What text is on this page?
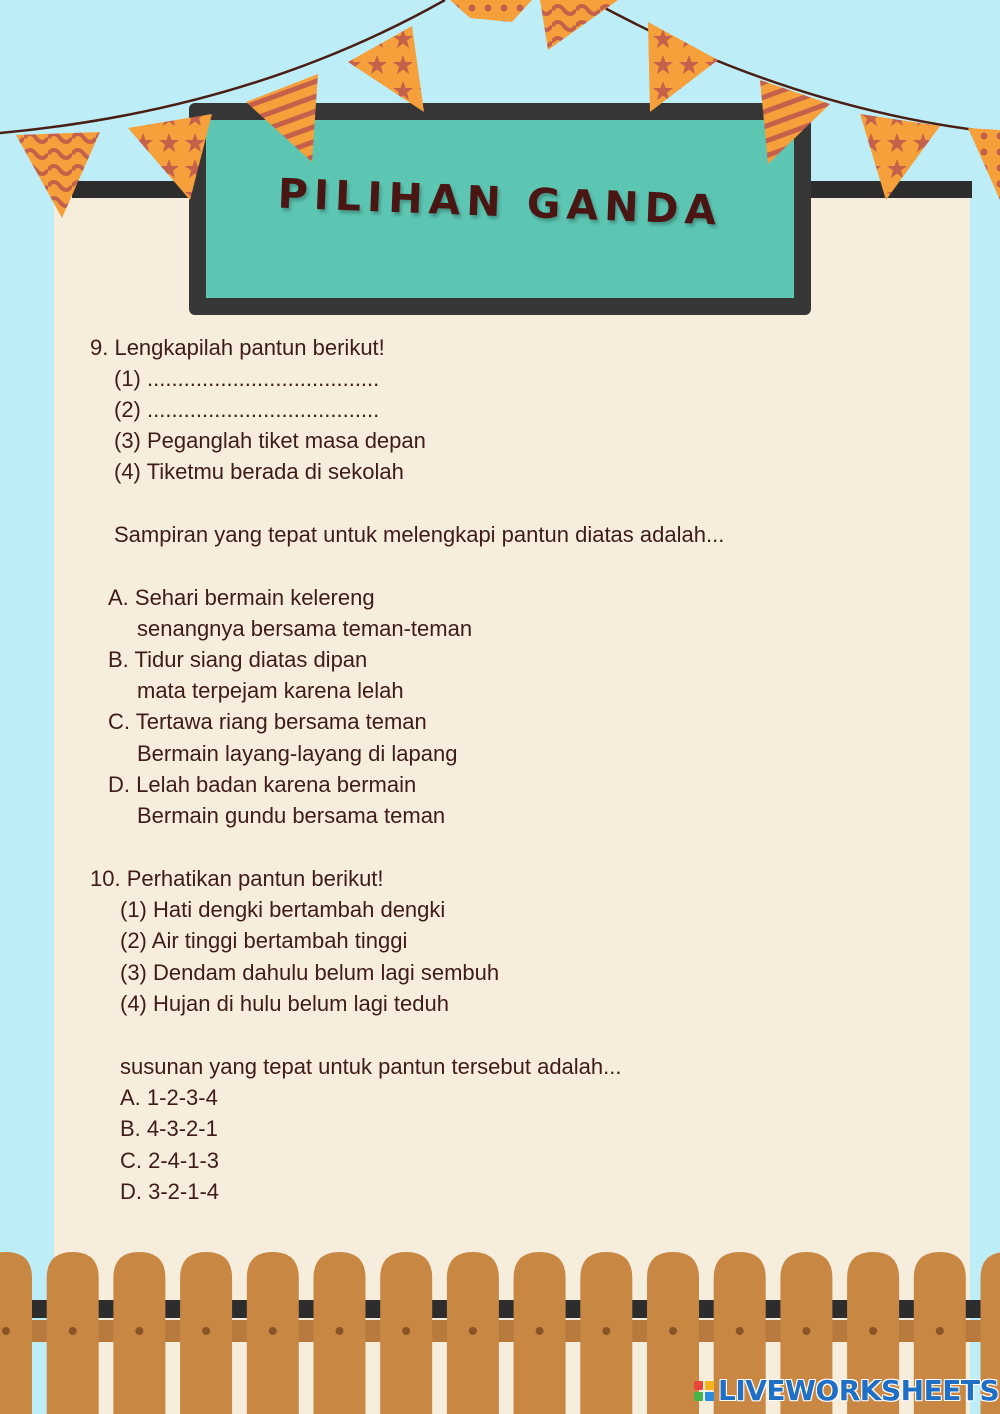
PILIHAN GANDA
9. Lengkapilah pantun berikut!
(1) ......................................
(2) ......................................
(3) Peganglah tiket masa depan
(4) Tiketmu berada di sekolah
Sampiran yang tepat untuk melengkapi pantun diatas adalah...
A. Sehari bermain kelereng
senangnya bersama teman-teman
B. Tidur siang diatas dipan
mata terpejam karena lelah
C. Tertawa riang bersama teman
Bermain layang-layang di lapang
D. Lelah badan karena bermain
Bermain gundu bersama teman
10. Perhatikan pantun berikut!
(1) Hati dengki bertambah dengki
(2) Air tinggi bertambah tinggi
(3) Dendam dahulu belum lagi sembuh
(4) Hujan di hulu belum lagi teduh
susunan yang tepat untuk pantun tersebut adalah...
A. 1-2-3-4
B. 4-3-2-1
C. 2-4-1-3
D. 3-2-1-4
LIVEWORKSHEETS
